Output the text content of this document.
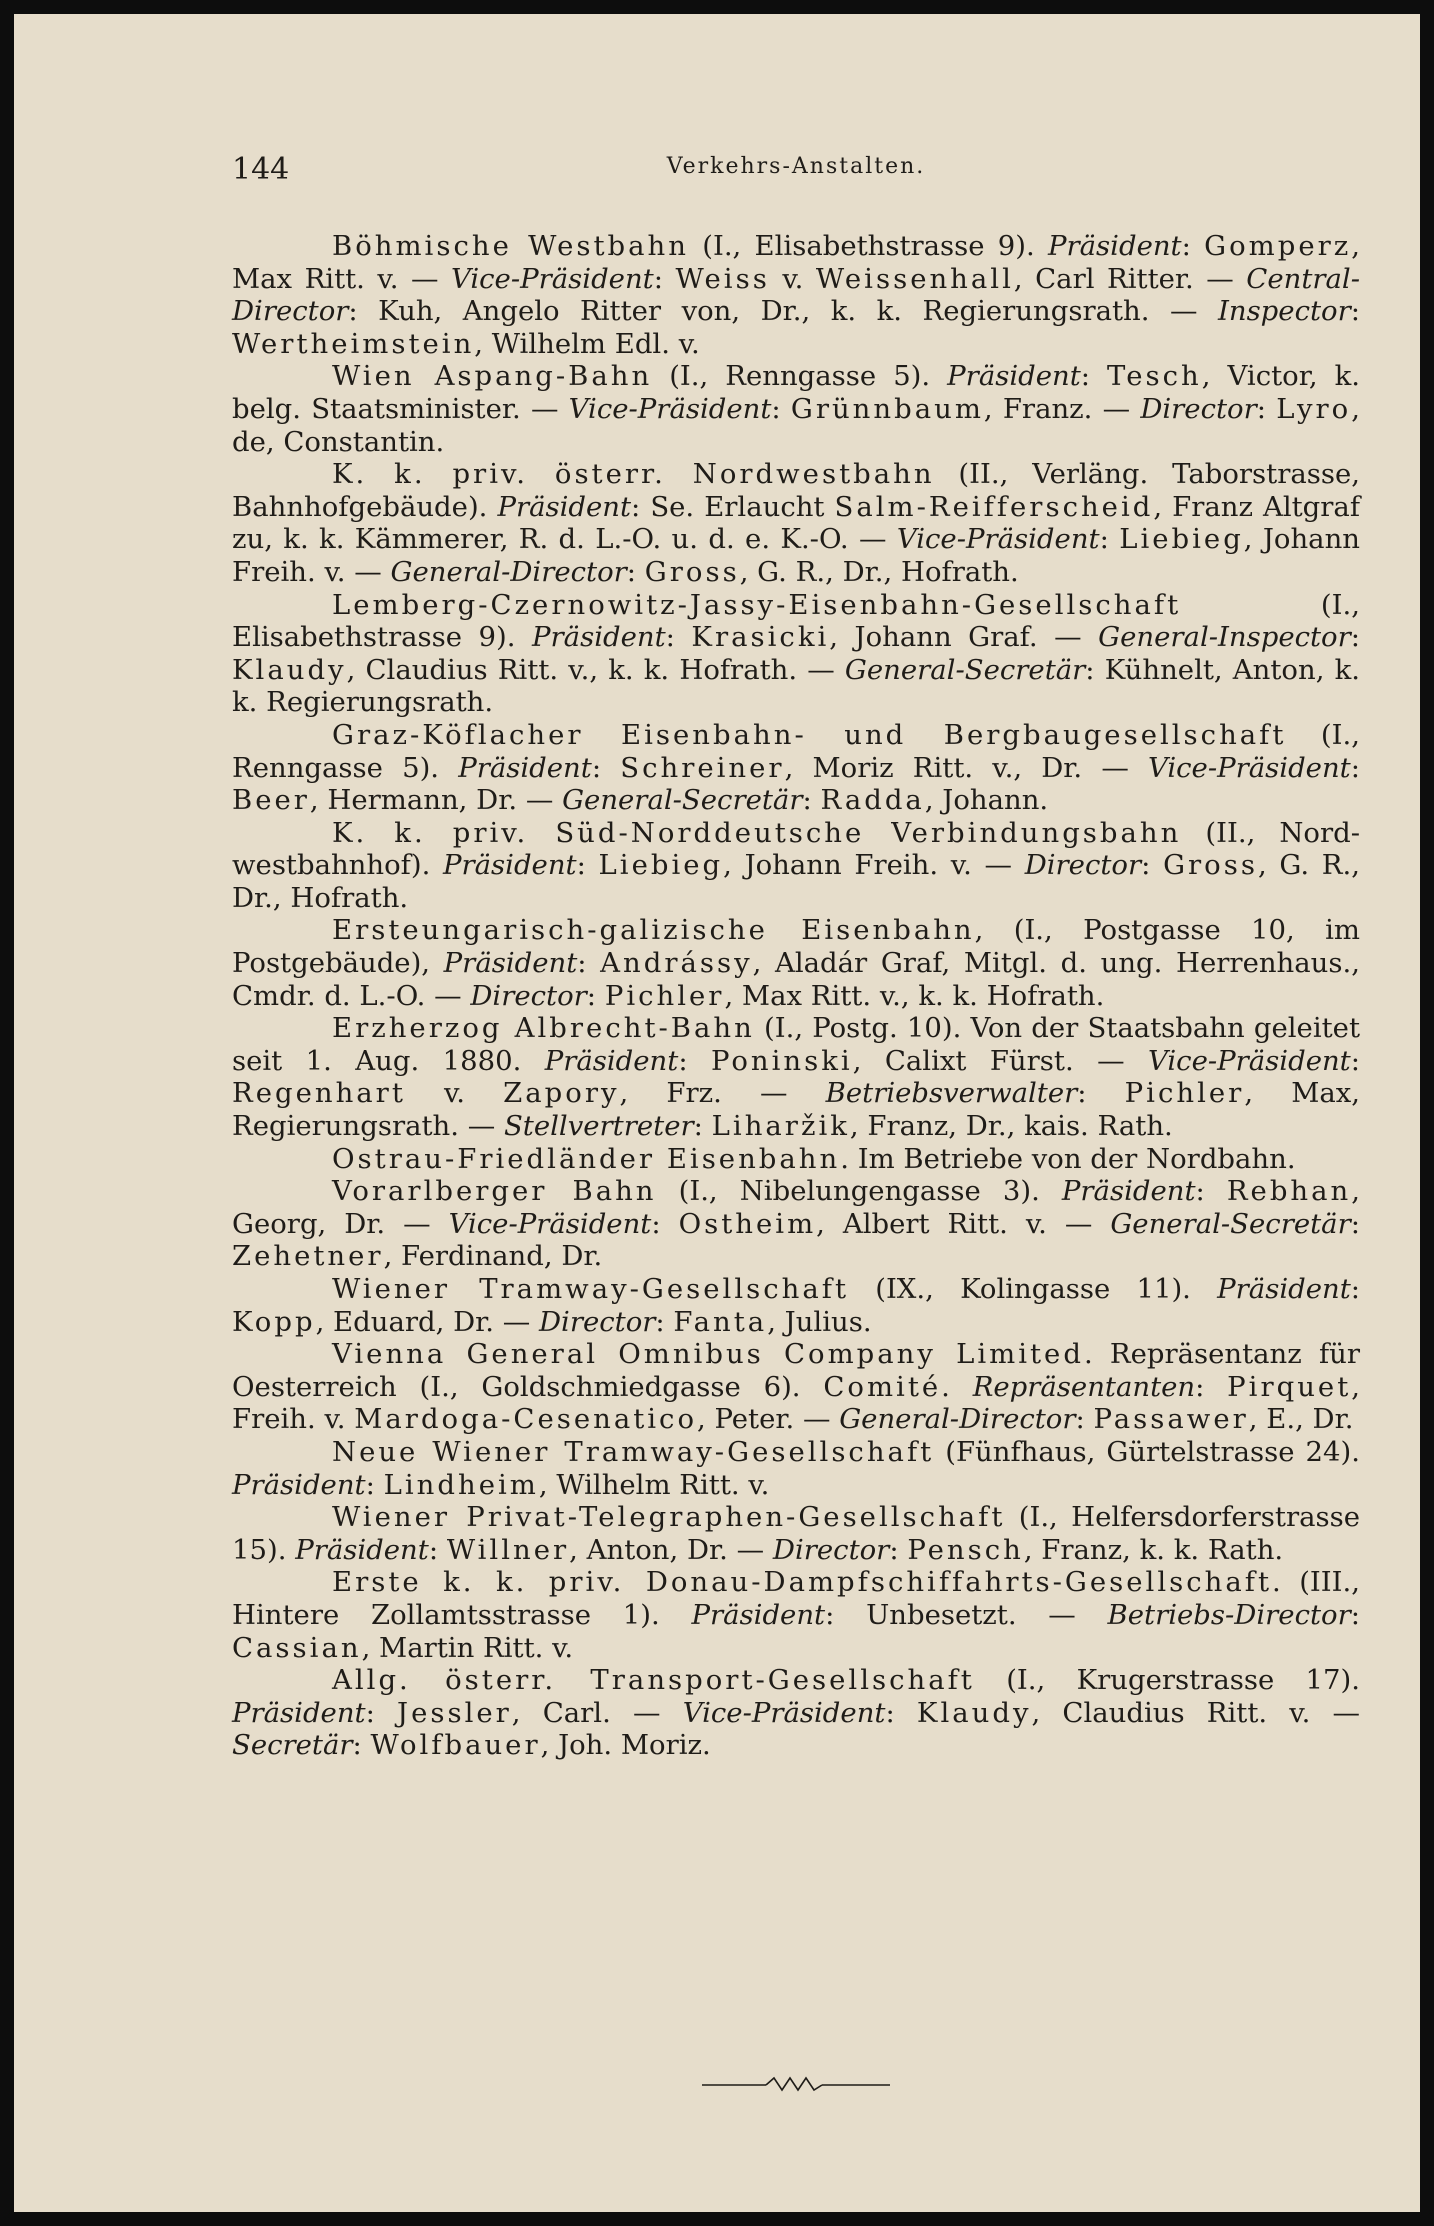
144	Verkehrs-Anstalten.

Böhmische Westbahn (I., Elisabethstrasse 9). Präsident: Gomperz, Max Ritt. v. — Vice-Präsident: Weiss v. Weissenhall, Carl Ritter. — Central-Director: Kuh, Angelo Ritter von, Dr., k. k. Regierungsrath. — Inspector: Wertheimstein, Wilhelm Edl. v.

Wien Aspang-Bahn (I., Renngasse 5). Präsident: Tesch, Victor, k. belg. Staatsminister. — Vice-Präsident: Grünnbaum, Franz. — Director: Lyro, de, Constantin.

K. k. priv. österr. Nordwestbahn (II., Verläng. Taborstrasse, Bahnhofgebäude). Präsident: Se. Erlaucht Salm-Reifferscheid, Franz Altgraf zu, k. k. Kämmerer, R. d. L.-O. u. d. e. K.-O. — Vice-Präsident: Liebieg, Johann Freih. v. — General-Director: Gross, G. R., Dr., Hofrath.

Lemberg-Czernowitz-Jassy-Eisenbahn-Gesellschaft (I., Elisabethstrasse 9). Präsident: Krasicki, Johann Graf. — General-Inspector: Klaudy, Claudius Ritt. v., k. k. Hofrath. — General-Secretär: Kühnelt, Anton, k. k. Regierungsrath.

Graz-Köflacher Eisenbahn- und Bergbaugesellschaft (I., Renngasse 5). Präsident: Schreiner, Moriz Ritt. v., Dr. — Vice-Präsident: Beer, Hermann, Dr. — General-Secretär: Radda, Johann.

K. k. priv. Süd-Norddeutsche Verbindungsbahn (II., Nordwestbahnhof). Präsident: Liebieg, Johann Freih. v. — Director: Gross, G. R., Dr., Hofrath.

Ersteungarisch-galizische Eisenbahn, (I., Postgasse 10, im Postgebäude), Präsident: Andrássy, Aladár Graf, Mitgl. d. ung. Herrenhaus., Cmdr. d. L.-O. — Director: Pichler, Max Ritt. v., k. k. Hofrath.

Erzherzog Albrecht-Bahn (I., Postg. 10). Von der Staatsbahn geleitet seit 1. Aug. 1880. Präsident: Poninski, Calixt Fürst. — Vice-Präsident: Regenhart v. Zapory, Frz. — Betriebsverwalter: Pichler, Max, Regierungsrath. — Stellvertreter: Liharžik, Franz, Dr., kais. Rath.

Ostrau-Friedländer Eisenbahn. Im Betriebe von der Nordbahn.

Vorarlberger Bahn (I., Nibelungengasse 3). Präsident: Rebhan, Georg, Dr. — Vice-Präsident: Ostheim, Albert Ritt. v. — General-Secretär: Zehetner, Ferdinand, Dr.

Wiener Tramway-Gesellschaft (IX., Kolingasse 11). Präsident: Kopp, Eduard, Dr. — Director: Fanta, Julius.

Vienna General Omnibus Company Limited. Repräsentanz für Oesterreich (I., Goldschmiedgasse 6). Comité. Repräsentanten: Pirquet, Freih. v. Mardoga-Cesenatico, Peter. — General-Director: Passawer, E., Dr.

Neue Wiener Tramway-Gesellschaft (Fünfhaus, Gürtelstrasse 24). Präsident: Lindheim, Wilhelm Ritt. v.

Wiener Privat-Telegraphen-Gesellschaft (I., Helfersdorferstrasse 15). Präsident: Willner, Anton, Dr. — Director: Pensch, Franz, k. k. Rath.

Erste k. k. priv. Donau-Dampfschiffahrts-Gesellschaft. (III., Hintere Zollamtsstrasse 1). Präsident: Unbesetzt. — Betriebs-Director: Cassian, Martin Ritt. v.

Allg. österr. Transport-Gesellschaft (I., Krugerstrasse 17). Präsident: Jessler, Carl. — Vice-Präsident: Klaudy, Claudius Ritt. v. — Secretär: Wolfbauer, Joh. Moriz.
